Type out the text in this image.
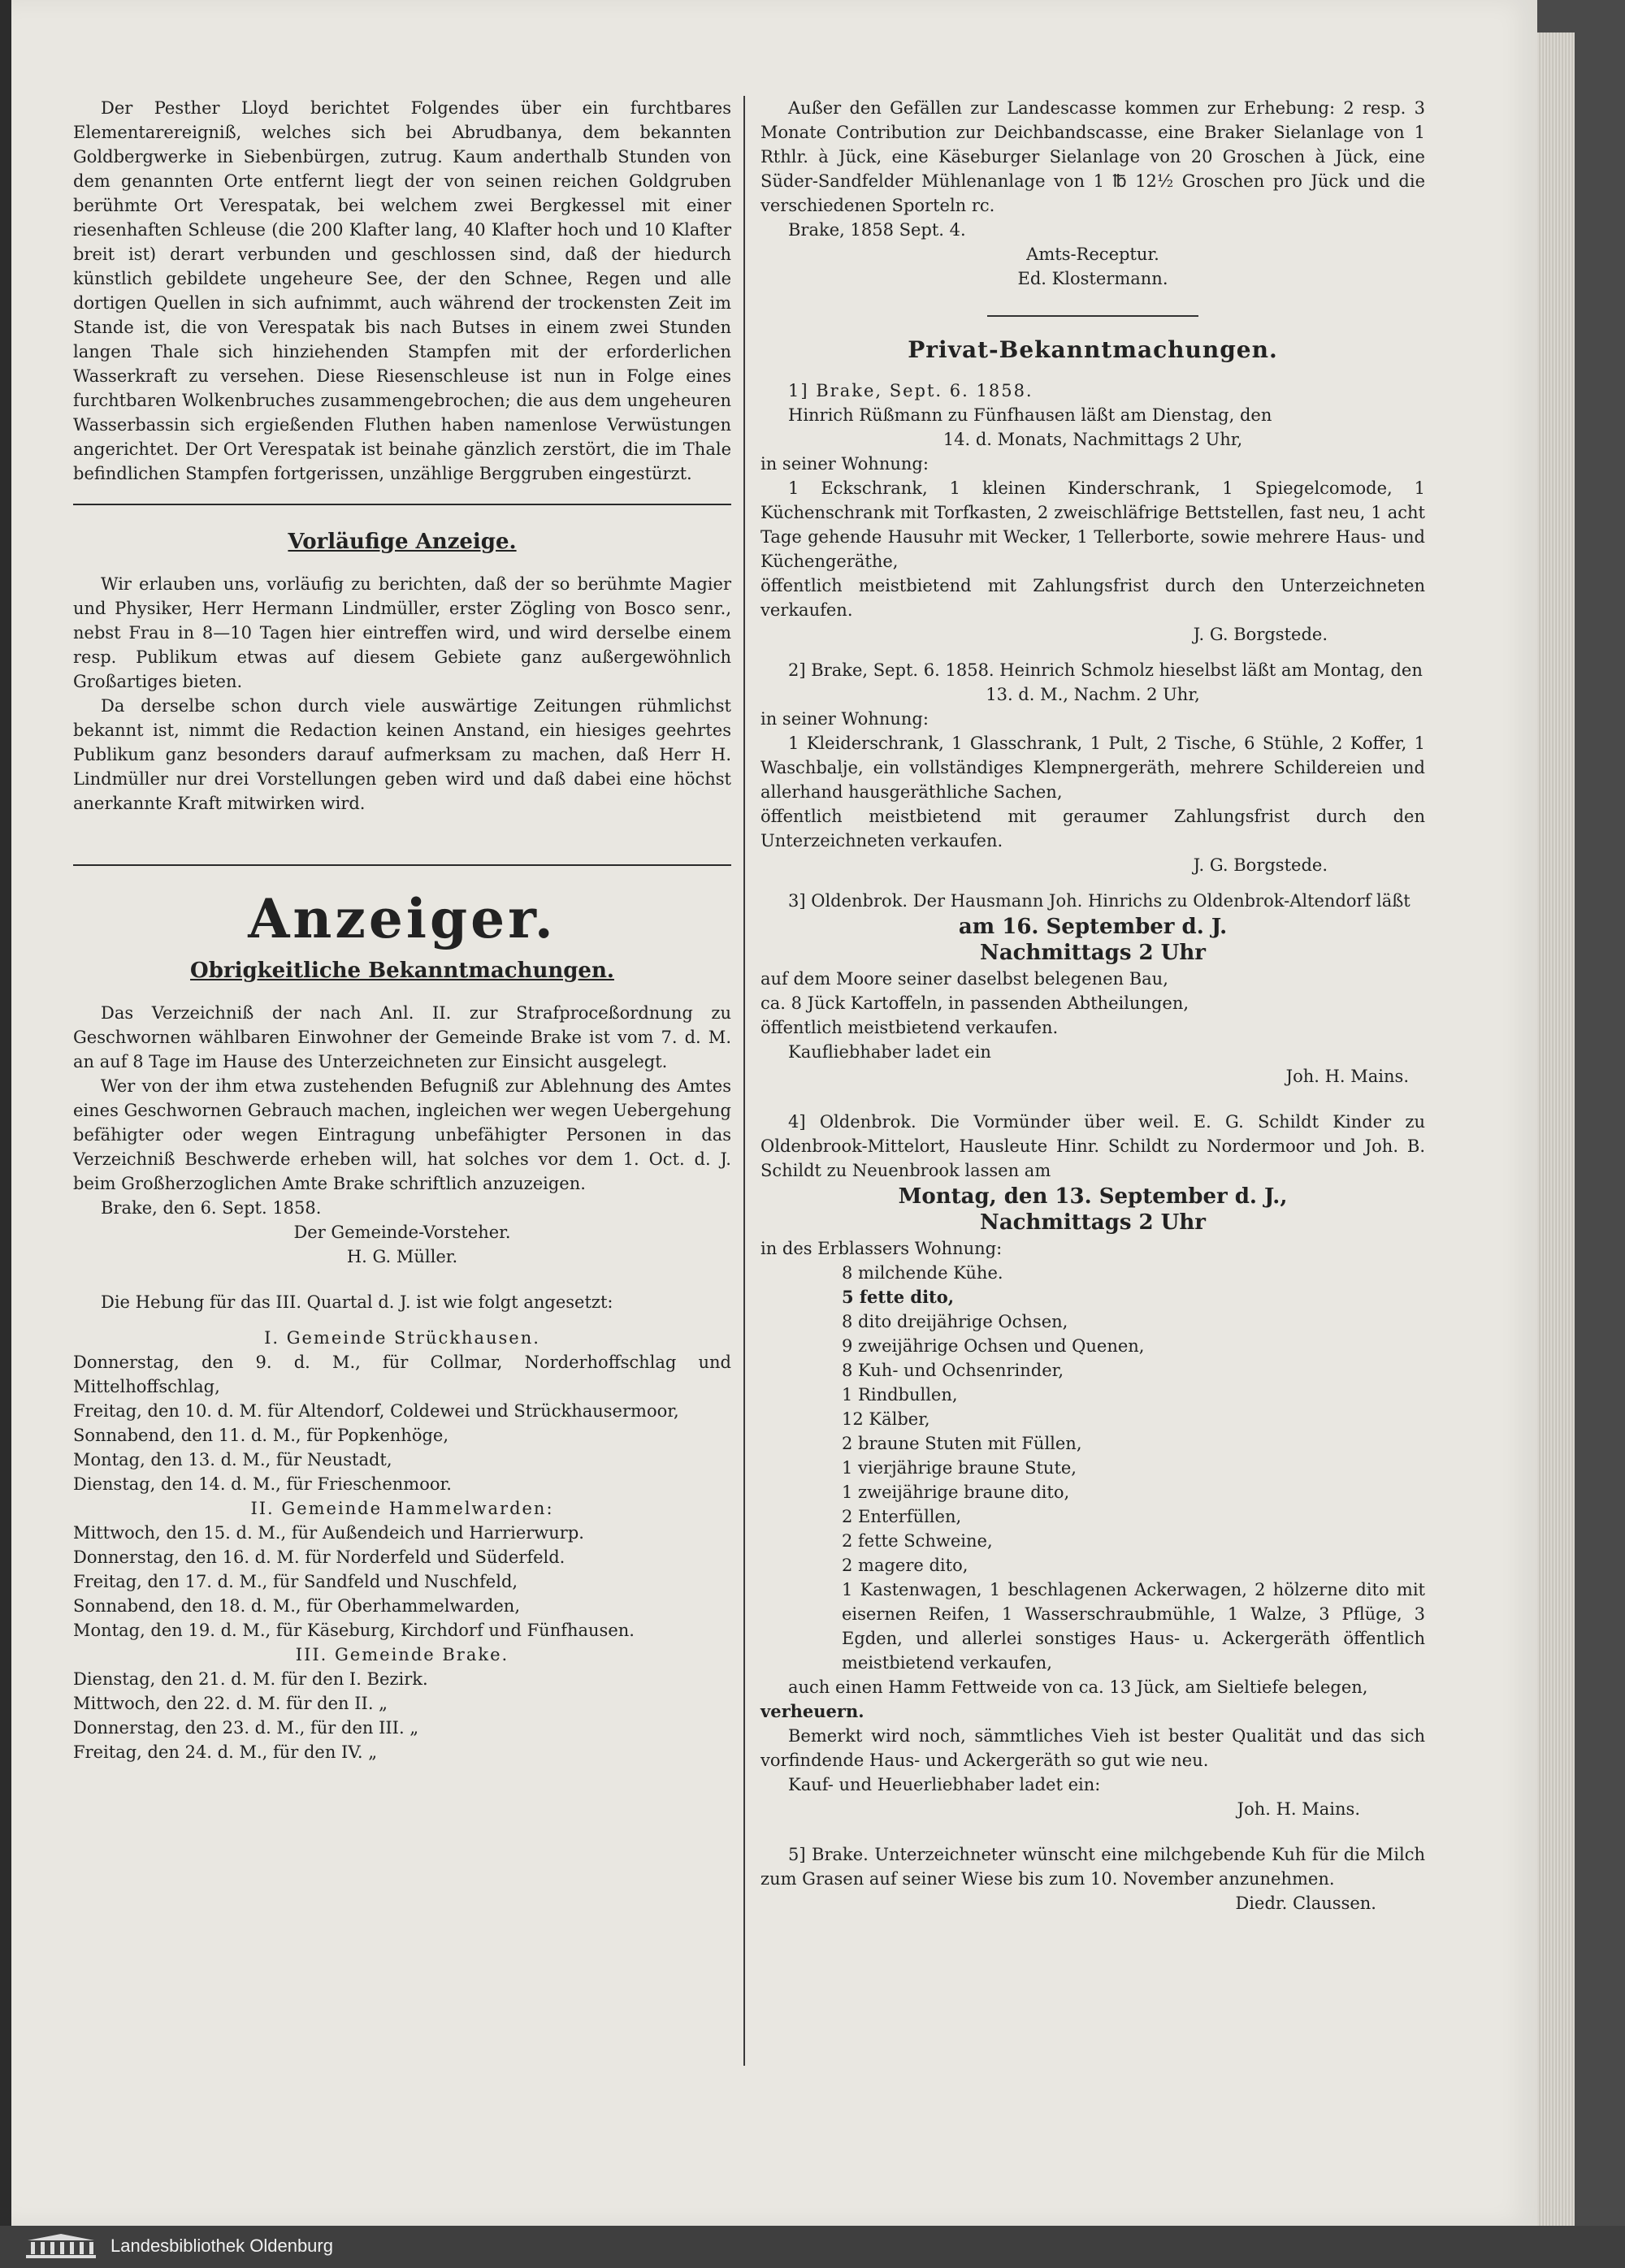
Der Pesther Lloyd berichtet Folgendes über ein furchtbares Elementarereigniß, welches sich bei Abrudbanya, dem bekannten Goldbergwerke in Siebenbürgen, zutrug. Kaum anderthalb Stunden von dem genannten Orte entfernt liegt der von seinen reichen Goldgruben berühmte Ort Verespatak, bei welchem zwei Bergkessel mit einer riesenhaften Schleuse (die 200 Klafter lang, 40 Klafter hoch und 10 Klafter breit ist) derart verbunden und geschlossen sind, daß der hiedurch künstlich gebildete ungeheure See, der den Schnee, Regen und alle dortigen Quellen in sich aufnimmt, auch während der trockensten Zeit im Stande ist, die von Verespatak bis nach Butses in einem zwei Stunden langen Thale sich hinziehenden Stampfen mit der erforderlichen Wasserkraft zu versehen. Diese Riesenschleuse ist nun in Folge eines furchtbaren Wolkenbruches zusammengebrochen; die aus dem ungeheuren Wasserbassin sich ergießenden Fluthen haben namenlose Verwüstungen angerichtet. Der Ort Verespatak ist beinahe gänzlich zerstört, die im Thale befindlichen Stampfen fortgerissen, unzählige Berggruben eingestürzt.

Vorläufige Anzeige.

Wir erlauben uns, vorläufig zu berichten, daß der so berühmte Magier und Physiker, Herr Hermann Lindmüller, erster Zögling von Bosco senr., nebst Frau in 8—10 Tagen hier eintreffen wird, und wird derselbe einem resp. Publikum etwas auf diesem Gebiete ganz außergewöhnlich Großartiges bieten.

Da derselbe schon durch viele auswärtige Zeitungen rühmlichst bekannt ist, nimmt die Redaction keinen Anstand, ein hiesiges geehrtes Publikum ganz besonders darauf aufmerksam zu machen, daß Herr H. Lindmüller nur drei Vorstellungen geben wird und daß dabei eine höchst anerkannte Kraft mitwirken wird.

Anzeiger.
Obrigkeitliche Bekanntmachungen.

Das Verzeichniß der nach Anl. II. zur Strafproceßordnung zu Geschwornen wählbaren Einwohner der Gemeinde Brake ist vom 7. d. M. an auf 8 Tage im Hause des Unterzeichneten zur Einsicht ausgelegt.

Wer von der ihm etwa zustehenden Befugniß zur Ablehnung des Amtes eines Geschwornen Gebrauch machen, ingleichen wer wegen Uebergehung befähigter oder wegen Eintragung unbefähigter Personen in das Verzeichniß Beschwerde erheben will, hat solches vor dem 1. Oct. d. J. beim Großherzoglichen Amte Brake schriftlich anzuzeigen.

Brake, den 6. Sept. 1858.

Der Gemeinde-Vorsteher.

H. G. Müller.

Die Hebung für das III. Quartal d. J. ist wie folgt angesetzt:

I. Gemeinde Strückhausen.

Donnerstag, den 9. d. M., für Collmar, Norderhoffschlag und Mittelhoffschlag,

Freitag, den 10. d. M. für Altendorf, Coldewei und Strückhausermoor,

Sonnabend, den 11. d. M., für Popkenhöge,

Montag, den 13. d. M., für Neustadt,

Dienstag, den 14. d. M., für Frieschenmoor.

II. Gemeinde Hammelwarden:

Mittwoch, den 15. d. M., für Außendeich und Harrierwurp.

Donnerstag, den 16. d. M. für Norderfeld und Süderfeld.

Freitag, den 17. d. M., für Sandfeld und Nuschfeld,

Sonnabend, den 18. d. M., für Oberhammelwarden,

Montag, den 19. d. M., für Käseburg, Kirchdorf und Fünfhausen.

III. Gemeinde Brake.

Dienstag, den 21. d. M. für den I. Bezirk.

Mittwoch, den 22. d. M. für den II. „

Donnerstag, den 23. d. M., für den III. „

Freitag, den 24. d. M., für den IV. „

Außer den Gefällen zur Landescasse kommen zur Erhebung: 2 resp. 3 Monate Contribution zur Deichbandscasse, eine Braker Sielanlage von 1 Rthlr. à Jück, eine Käseburger Sielanlage von 20 Groschen à Jück, eine Süder-Sandfelder Mühlenanlage von 1 ℔ 12½ Groschen pro Jück und die verschiedenen Sporteln rc.

Brake, 1858 Sept. 4.

Amts-Receptur.

Ed. Klostermann.

Privat-Bekanntmachungen.

1] Brake, Sept. 6. 1858.

Hinrich Rüßmann zu Fünfhausen läßt am Dienstag, den

14. d. Monats, Nachmittags 2 Uhr,

in seiner Wohnung:

1 Eckschrank, 1 kleinen Kinderschrank, 1 Spiegelcomode, 1 Küchenschrank mit Torfkasten, 2 zweischläfrige Bettstellen, fast neu, 1 acht Tage gehende Hausuhr mit Wecker, 1 Tellerborte, sowie mehrere Haus- und Küchengeräthe,

öffentlich meistbietend mit Zahlungsfrist durch den Unterzeichneten verkaufen.

J. G. Borgstede.

2] Brake, Sept. 6. 1858. Heinrich Schmolz hieselbst läßt am Montag, den

13. d. M., Nachm. 2 Uhr,

in seiner Wohnung:

1 Kleiderschrank, 1 Glasschrank, 1 Pult, 2 Tische, 6 Stühle, 2 Koffer, 1 Waschbalje, ein vollständiges Klempnergeräth, mehrere Schildereien und allerhand hausgeräthliche Sachen,

öffentlich meistbietend mit geraumer Zahlungsfrist durch den Unterzeichneten verkaufen.

J. G. Borgstede.

3] Oldenbrok. Der Hausmann Joh. Hinrichs zu Oldenbrok-Altendorf läßt

am 16. September d. J.

Nachmittags 2 Uhr

auf dem Moore seiner daselbst belegenen Bau,

ca. 8 Jück Kartoffeln, in passenden Abtheilungen,

öffentlich meistbietend verkaufen.

Kaufliebhaber ladet ein

Joh. H. Mains.

4] Oldenbrok. Die Vormünder über weil. E. G. Schildt Kinder zu Oldenbrook-Mittelort, Hausleute Hinr. Schildt zu Nordermoor und Joh. B. Schildt zu Neuenbrook lassen am

Montag, den 13. September d. J.,

Nachmittags 2 Uhr

in des Erblassers Wohnung:

8 milchende Kühe.

5 fette dito,

8 dito dreijährige Ochsen,

9 zweijährige Ochsen und Quenen,

8 Kuh- und Ochsenrinder,

1 Rindbullen,

12 Kälber,

2 braune Stuten mit Füllen,

1 vierjährige braune Stute,

1 zweijährige braune dito,

2 Enterfüllen,

2 fette Schweine,

2 magere dito,

1 Kastenwagen, 1 beschlagenen Ackerwagen, 2 hölzerne dito mit eisernen Reifen, 1 Wasserschraubmühle, 1 Walze, 3 Pflüge, 3 Egden, und allerlei sonstiges Haus- u. Ackergeräth öffentlich meistbietend verkaufen,

auch einen Hamm Fettweide von ca. 13 Jück, am Sieltiefe belegen,

verheuern.

Bemerkt wird noch, sämmtliches Vieh ist bester Qualität und das sich vorfindende Haus- und Ackergeräth so gut wie neu.

Kauf- und Heuerliebhaber ladet ein:

Joh. H. Mains.

5] Brake. Unterzeichneter wünscht eine milchgebende Kuh für die Milch zum Grasen auf seiner Wiese bis zum 10. November anzunehmen.

Diedr. Claussen.

Landesbibliothek Oldenburg
